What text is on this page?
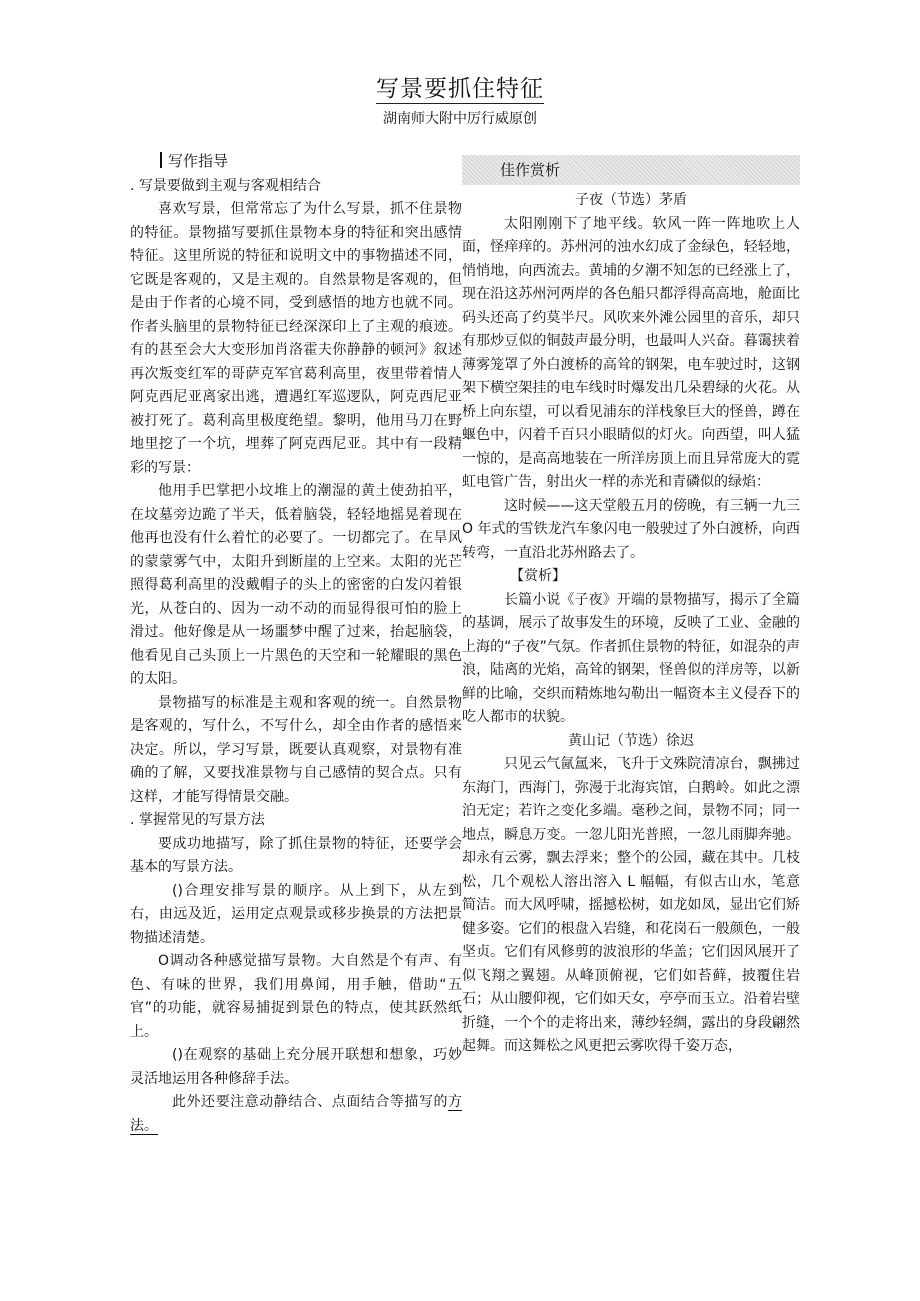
写景要抓住特征
湖南师大附中厉行威原创
写作指导

. 写景要做到主观与客观相结合

喜欢写景，但常常忘了为什么写景，抓不住景物的特征。景物描写要抓住景物本身的特征和突出感情特征。这里所说的特征和说明文中的事物描述不同，它既是客观的，又是主观的。自然景物是客观的，但是由于作者的心境不同，受到感悟的地方也就不同。作者头脑里的景物特征已经深深印上了主观的痕迹。有的甚至会大大变形加肖洛霍夫你静静的顿河》叙述再次叛变红军的哥萨克军官葛利高里，夜里带着情人阿克西尼亚离家出逃，遭遇红军巡逻队，阿克西尼亚被打死了。葛利高里极度绝望。黎明，他用马刀在野地里挖了一个坑，埋葬了阿克西尼亚。其中有一段精彩的写景：

他用手巴掌把小坟堆上的潮湿的黄土使劲拍平，在坟墓旁边跪了半天，低着脑袋，轻轻地摇晃着现在他再也没有什么着忙的必要了。一切都完了。在旱风的蒙蒙雾气中，太阳升到断崖的上空来。太阳的光芒照得葛利高里的没戴帽子的头上的密密的白发闪着银光，从苍白的、因为一动不动的而显得很可怕的脸上滑过。他好像是从一场噩梦中醒了过来，抬起脑袋，他看见自己头顶上一片黑色的天空和一轮耀眼的黑色的太阳。

景物描写的标准是主观和客观的统一。自然景物是客观的，写什么，不写什么，却全由作者的感悟来决定。所以，学习写景，既要认真观察，对景物有准确的了解，又要找准景物与自己感情的契合点。只有这样，才能写得情景交融。

. 掌握常见的写景方法

要成功地描写，除了抓住景物的特征，还要学会基本的写景方法。

()合理安排写景的顺序。从上到下，从左到右，由远及近，运用定点观景或移步换景的方法把景物描述清楚。

O调动各种感觉描写景物。大自然是个有声、有色、有味的世界，我们用鼻闻，用手触，借助“五官”的功能，就容易捕捉到景色的特点，使其跃然纸上。

()在观察的基础上充分展开联想和想象，巧妙灵活地运用各种修辞手法。

此外还要注意动静结合、点面结合等描写的方法。

佳作赏析

子夜（节选）茅盾

太阳刚刚下了地平线。软风一阵一阵地吹上人面，怪痒痒的。苏州河的浊水幻成了金绿色，轻轻地，悄悄地，向西流去。黄埔的夕潮不知怎的已经涨上了，现在沿这苏州河两岸的各色船只都浮得高高地，舱面比码头还高了约莫半尺。风吹来外滩公园里的音乐，却只有那炒豆似的铜鼓声最分明，也最叫人兴奋。暮霭挟着薄雾笼罩了外白渡桥的高耸的钢架，电车驶过时，这钢架下横空架挂的电车线时时爆发出几朵碧绿的火花。从桥上向东望，可以看见浦东的洋栈象巨大的怪兽，蹲在蝘色中，闪着千百只小眼睛似的灯火。向西望，叫人猛一惊的，是高高地装在一所洋房顶上而且异常庞大的霓虹电管广告，射出火一样的赤光和青磷似的绿焰：

这时候——这天堂般五月的傍晚，有三辆一九三 O 年式的雪铁龙汽车象闪电一般驶过了外白渡桥，向西转弯，一直沿北苏州路去了。

【赏析】

长篇小说《子夜》开端的景物描写，揭示了全篇的基调，展示了故事发生的环境，反映了工业、金融的上海的“子夜”气氛。作者抓住景物的特征，如混杂的声浪，陆离的光焰，高耸的钢架，怪兽似的洋房等，以新鲜的比喻，交织而精炼地勾勒出一幅资本主义侵吞下的吃人都市的状貌。

黄山记（节选）徐迟

只见云气氤氲来，飞升于文殊院清凉台，飘拂过东海门，西海门，弥漫于北海宾馆，白鹅岭。如此之漂泊无定；若许之变化多端。毫秒之间，景物不同；同一地点，瞬息万变。一忽儿阳光普照，一忽儿雨脚奔驰。却永有云雾，飘去浮来；整个的公园，藏在其中。几枝松，几个观松人溶出溶入 L 幅幅，有似古山水，笔意简洁。而大风呼啸，摇撼松树，如龙如凤，显出它们矫健多姿。它们的根盘入岩缝，和花岗石一般颜色，一般坚贞。它们有风修剪的波浪形的华盖；它们因风展开了似飞翔之翼翅。从峰顶俯视，它们如苔藓，披覆住岩石；从山腰仰视，它们如天女，亭亭而玉立。沿着岩壁折缝，一个个的走将出来，薄纱轻绸，露出的身段翩然起舞。而这舞松之风更把云雾吹得千姿万态，
